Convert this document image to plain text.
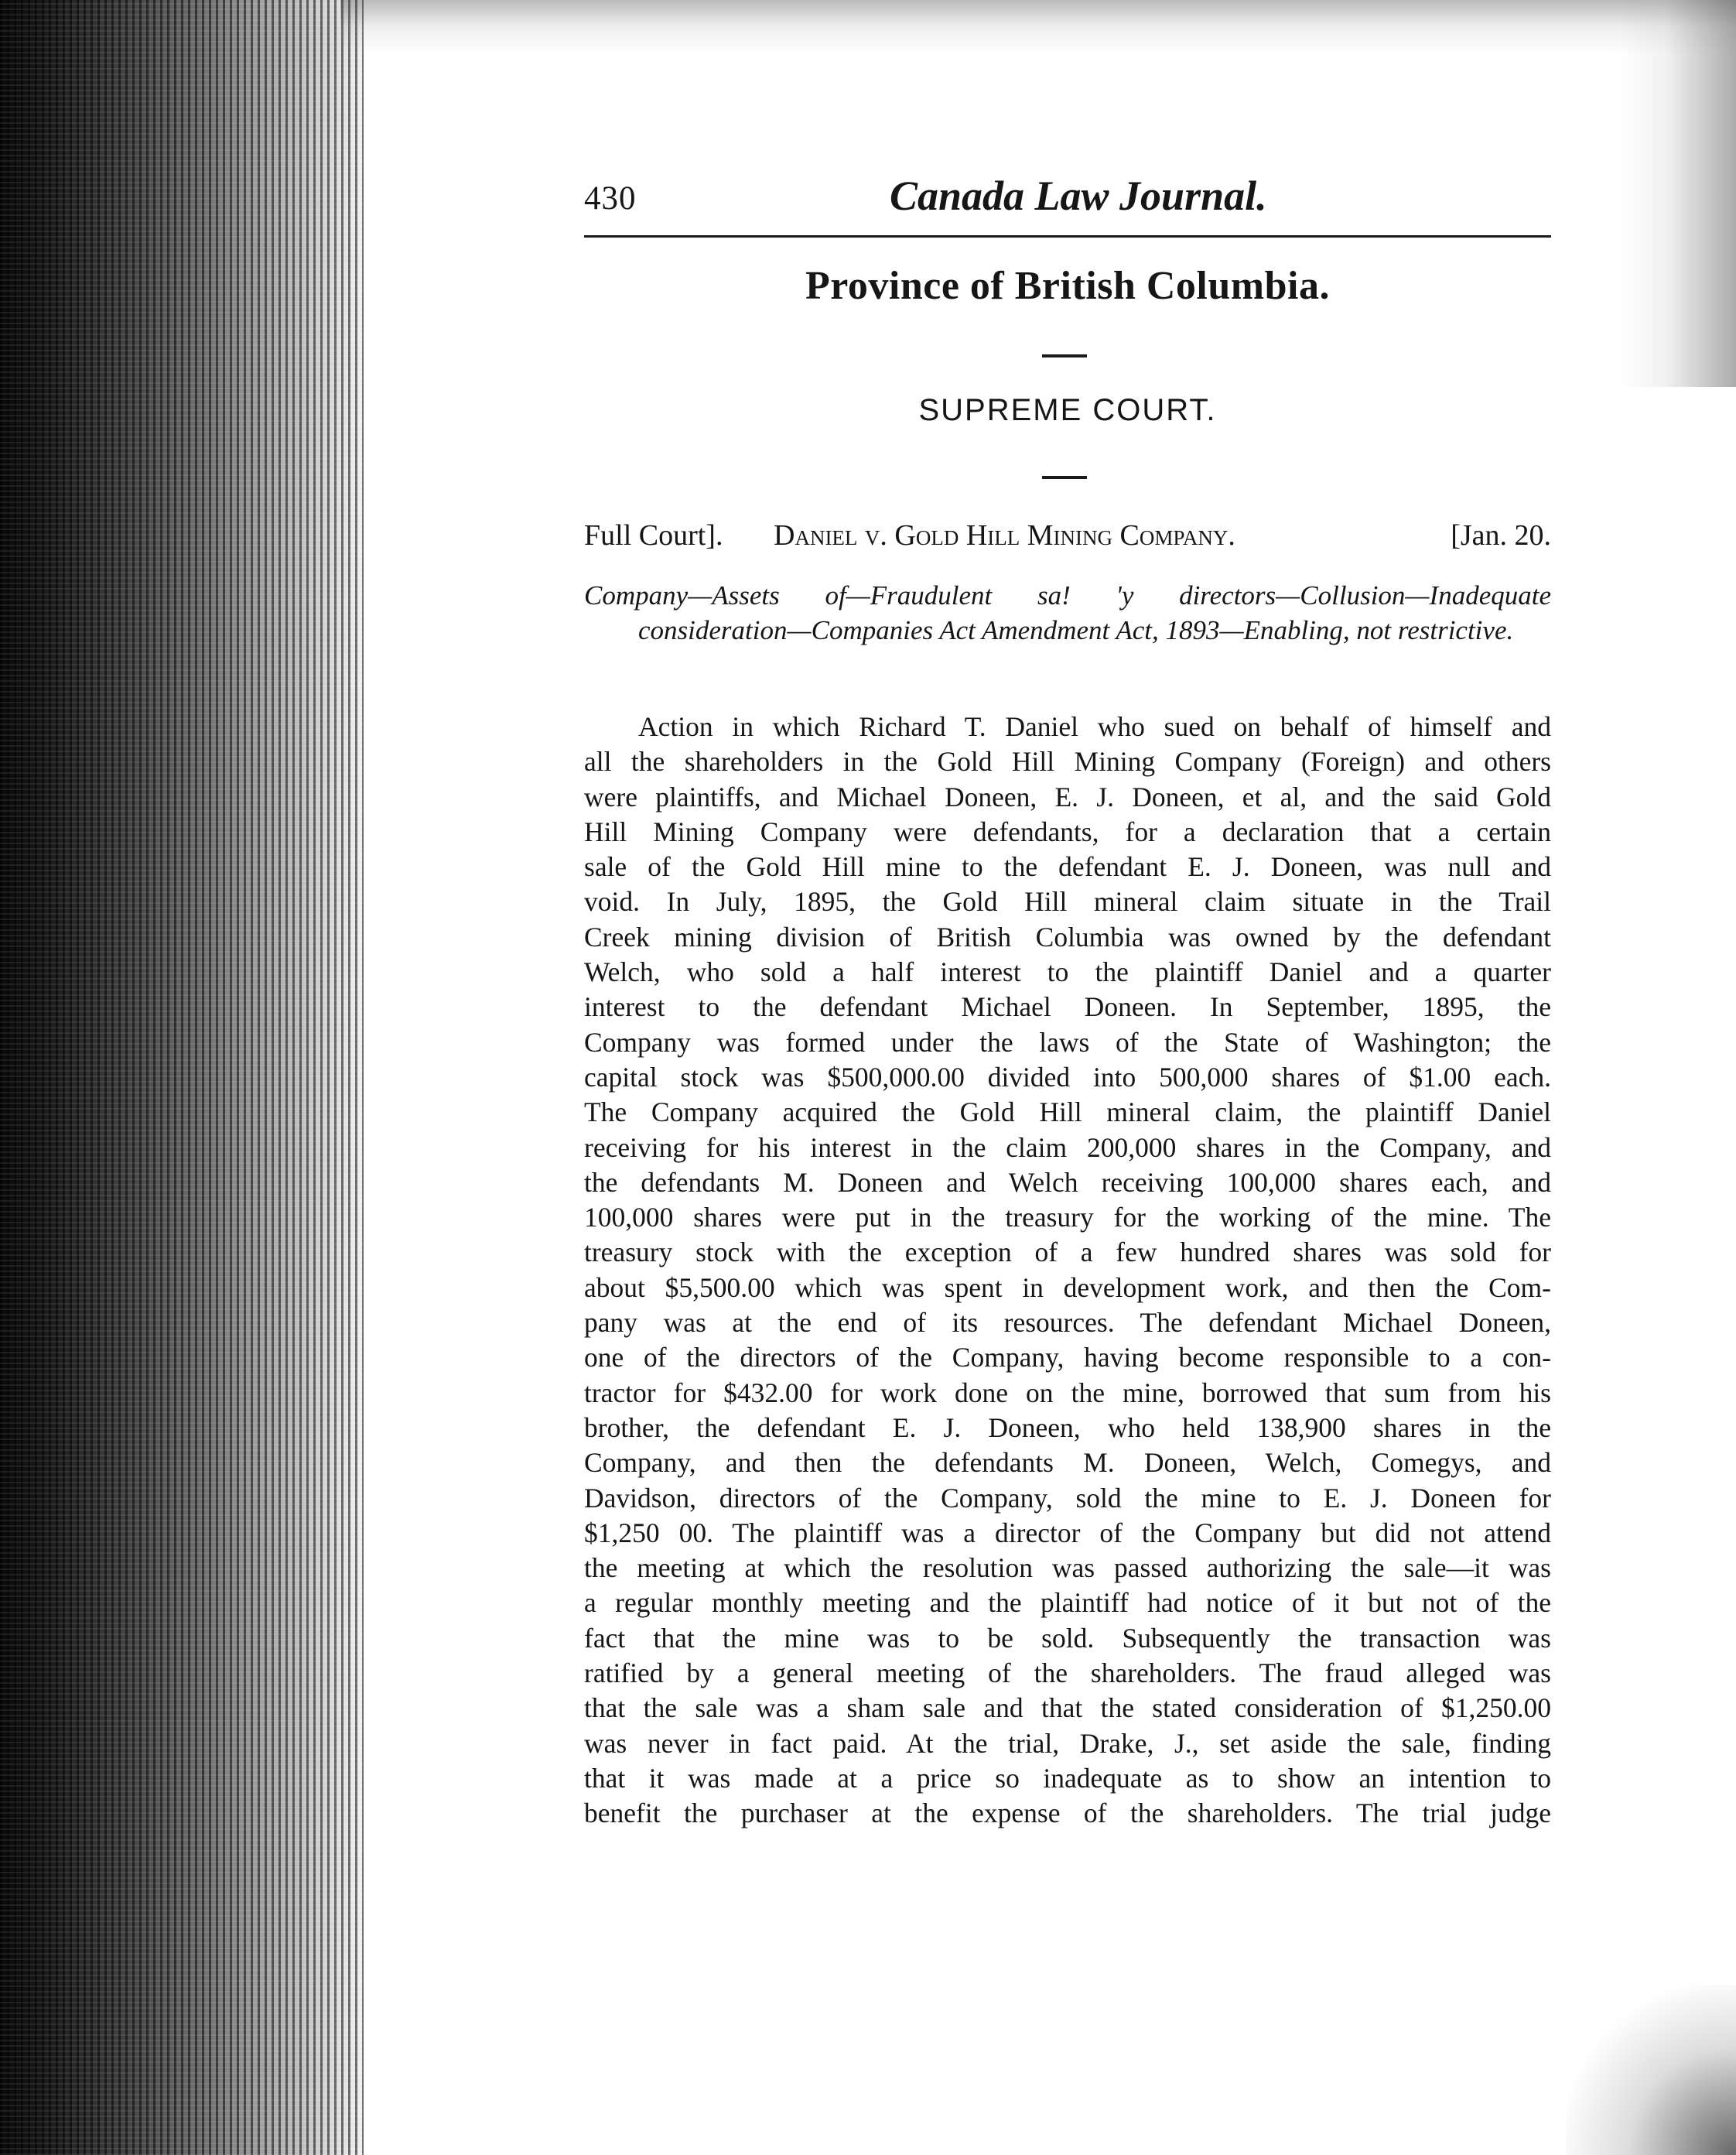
430	Canada Law Journal.
Province of British Columbia.
SUPREME COURT.
Full Court]. Daniel v. Gold Hill Mining Company.	[Jan. 20.
Company—Assets of—Fraudulent sa! 'y directors—Collusion—Inadequate consideration—Companies Act Amendment Act, 1893—Enabling, not restrictive.
Action in which Richard T. Daniel who sued on behalf of himself and
all the shareholders in the Gold Hill Mining Company (Foreign) and others
were plaintiffs, and Michael Doneen, E. J. Doneen, et al, and the said Gold
Hill Mining Company were defendants, for a declaration that a certain
sale of the Gold Hill mine to the defendant E. J. Doneen, was null and
void. In July, 1895, the Gold Hill mineral claim situate in the Trail
Creek mining division of British Columbia was owned by the defendant
Welch, who sold a half interest to the plaintiff Daniel and a quarter
interest to the defendant Michael Doneen. In September, 1895, the
Company was formed under the laws of the State of Washington; the
capital stock was $500,000.00 divided into 500,000 shares of $1.00 each.
The Company acquired the Gold Hill mineral claim, the plaintiff Daniel
receiving for his interest in the claim 200,000 shares in the Company, and
the defendants M. Doneen and Welch receiving 100,000 shares each, and
100,000 shares were put in the treasury for the working of the mine. The
treasury stock with the exception of a few hundred shares was sold for
about $5,500.00 which was spent in development work, and then the Com-
pany was at the end of its resources. The defendant Michael Doneen,
one of the directors of the Company, having become responsible to a con-
tractor for $432.00 for work done on the mine, borrowed that sum from his
brother, the defendant E. J. Doneen, who held 138,900 shares in the
Company, and then the defendants M. Doneen, Welch, Comegys, and
Davidson, directors of the Company, sold the mine to E. J. Doneen for
$1,250 00. The plaintiff was a director of the Company but did not attend
the meeting at which the resolution was passed authorizing the sale—it was
a regular monthly meeting and the plaintiff had notice of it but not of the
fact that the mine was to be sold. Subsequently the transaction was
ratified by a general meeting of the shareholders. The fraud alleged was
that the sale was a sham sale and that the stated consideration of $1,250.00
was never in fact paid. At the trial, Drake, J., set aside the sale, finding
that it was made at a price so inadequate as to show an intention to
benefit the purchaser at the expense of the shareholders. The trial judge
